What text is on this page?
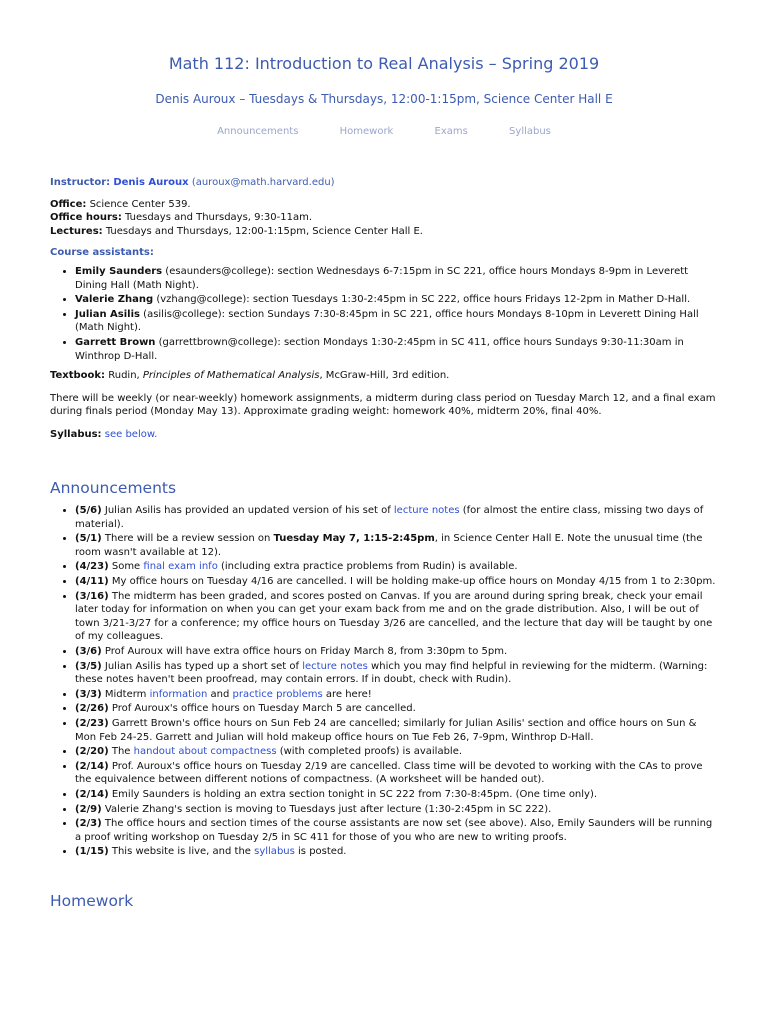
Math 112: Introduction to Real Analysis – Spring 2019
Denis Auroux – Tuesdays & Thursdays, 12:00-1:15pm, Science Center Hall E
Announcements	Homework	Exams	Syllabus

Instructor: Denis Auroux (auroux@math.harvard.edu)

Office: Science Center 539.

Office hours: Tuesdays and Thursdays, 9:30-11am.

Lectures: Tuesdays and Thursdays, 12:00-1:15pm, Science Center Hall E.

Course assistants:

• Emily Saunders (esaunders@college): section Wednesdays 6-7:15pm in SC 221, office hours Mondays 8-9pm in Leverett Dining Hall (Math Night).
• Valerie Zhang (vzhang@college): section Tuesdays 1:30-2:45pm in SC 222, office hours Fridays 12-2pm in Mather D-Hall.
• Julian Asilis (asilis@college): section Sundays 7:30-8:45pm in SC 221, office hours Mondays 8-10pm in Leverett Dining Hall (Math Night).
• Garrett Brown (garrettbrown@college): section Mondays 1:30-2:45pm in SC 411, office hours Sundays 9:30-11:30am in Winthrop D-Hall.

Textbook: Rudin, Principles of Mathematical Analysis, McGraw-Hill, 3rd edition.

There will be weekly (or near-weekly) homework assignments, a midterm during class period on Tuesday March 12, and a final exam during finals period (Monday May 13). Approximate grading weight: homework 40%, midterm 20%, final 40%.

Syllabus: see below.

Announcements
• (5/6) Julian Asilis has provided an updated version of his set of lecture notes (for almost the entire class, missing two days of material).
• (5/1) There will be a review session on Tuesday May 7, 1:15-2:45pm, in Science Center Hall E. Note the unusual time (the room wasn't available at 12).
• (4/23) Some final exam info (including extra practice problems from Rudin) is available.
• (4/11) My office hours on Tuesday 4/16 are cancelled. I will be holding make-up office hours on Monday 4/15 from 1 to 2:30pm.
• (3/16) The midterm has been graded, and scores posted on Canvas. If you are around during spring break, check your email later today for information on when you can get your exam back from me and on the grade distribution. Also, I will be out of town 3/21-3/27 for a conference; my office hours on Tuesday 3/26 are cancelled, and the lecture that day will be taught by one of my colleagues.
• (3/6) Prof Auroux will have extra office hours on Friday March 8, from 3:30pm to 5pm.
• (3/5) Julian Asilis has typed up a short set of lecture notes which you may find helpful in reviewing for the midterm. (Warning: these notes haven't been proofread, may contain errors. If in doubt, check with Rudin).
• (3/3) Midterm information and practice problems are here!
• (2/26) Prof Auroux's office hours on Tuesday March 5 are cancelled.
• (2/23) Garrett Brown's office hours on Sun Feb 24 are cancelled; similarly for Julian Asilis' section and office hours on Sun & Mon Feb 24-25. Garrett and Julian will hold makeup office hours on Tue Feb 26, 7-9pm, Winthrop D-Hall.
• (2/20) The handout about compactness (with completed proofs) is available.
• (2/14) Prof. Auroux's office hours on Tuesday 2/19 are cancelled. Class time will be devoted to working with the CAs to prove the equivalence between different notions of compactness. (A worksheet will be handed out).
• (2/14) Emily Saunders is holding an extra section tonight in SC 222 from 7:30-8:45pm. (One time only).
• (2/9) Valerie Zhang's section is moving to Tuesdays just after lecture (1:30-2:45pm in SC 222).
• (2/3) The office hours and section times of the course assistants are now set (see above). Also, Emily Saunders will be running a proof writing workshop on Tuesday 2/5 in SC 411 for those of you who are new to writing proofs.
• (1/15) This website is live, and the syllabus is posted.
Homework
